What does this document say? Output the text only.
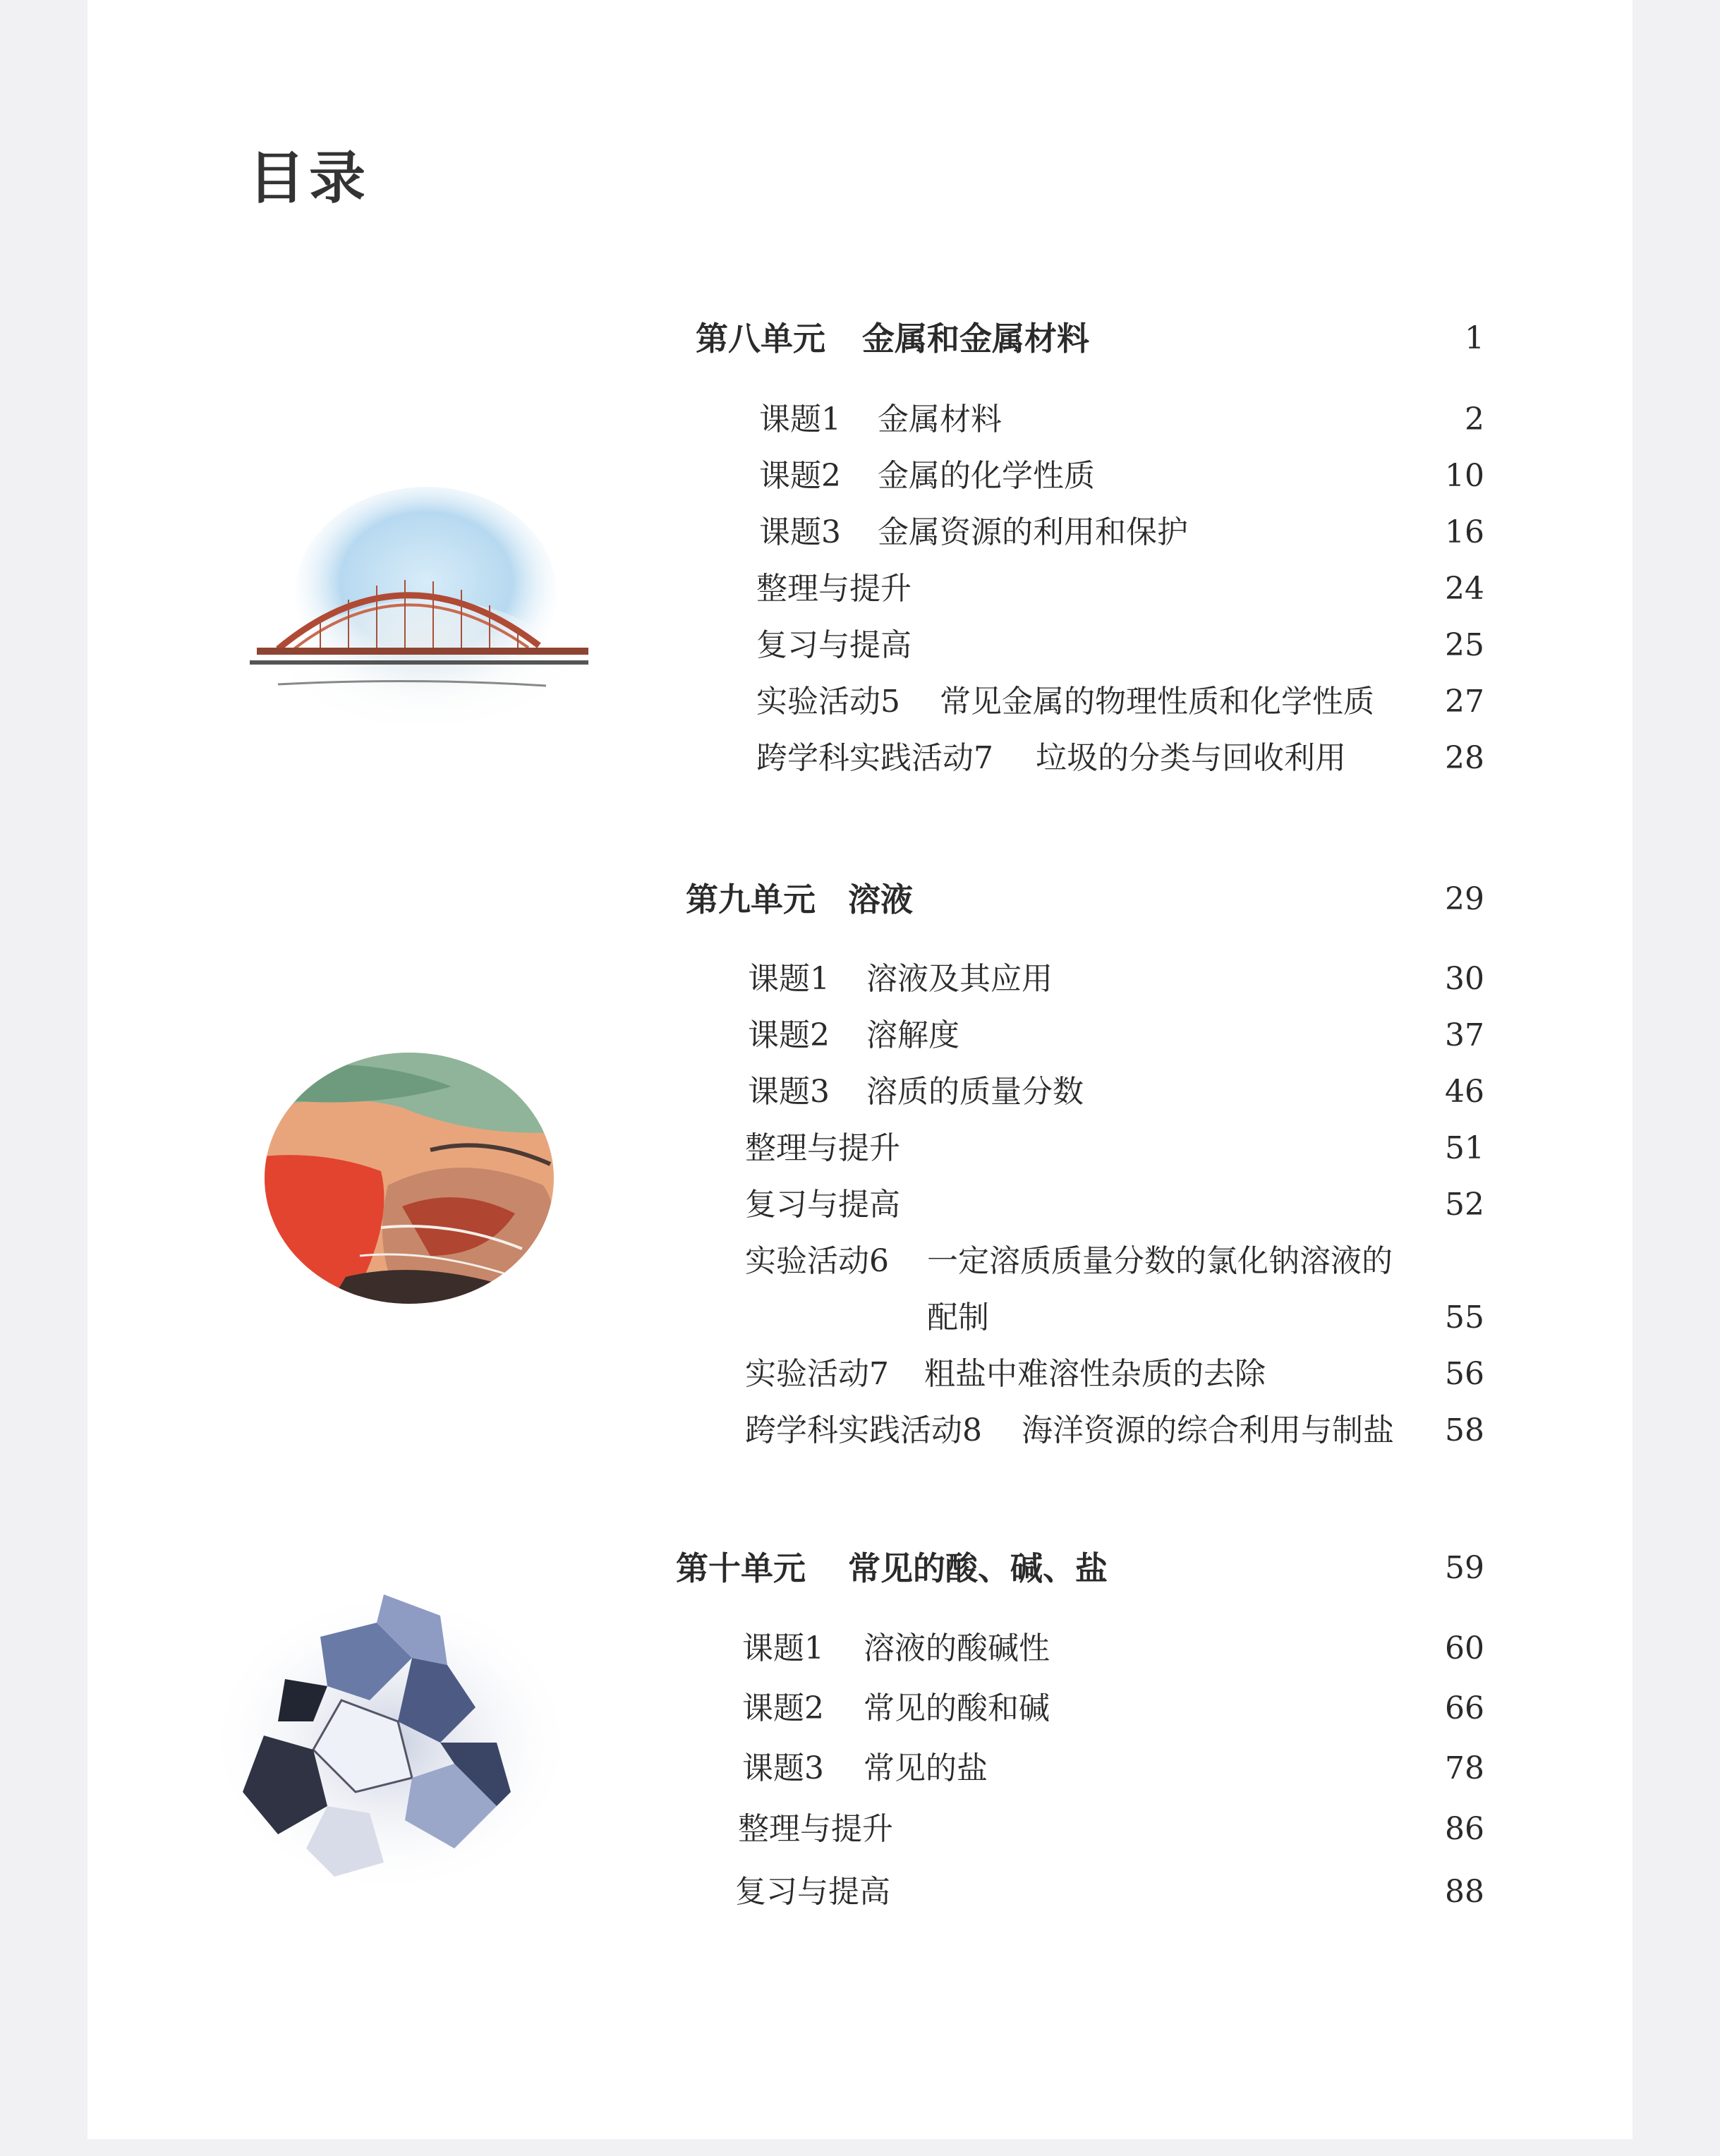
目录
第八单元 金属和金属材料	1
课题1 金属材料	2
课题2 金属的化学性质	10
课题3 金属资源的利用和保护	16
整理与提升	24
复习与提高	25
实验活动5 常见金属的物理性质和化学性质 27
跨学科实践活动7 垃圾的分类与回收利用	28
第九单元 溶液	29
课题1 溶液及其应用	30
课题2 溶解度	37
课题3 溶质的质量分数	46
整理与提升	51
复习与提高	52
实验活动6 一定溶质质量分数的氯化钠溶液的
配制	55
实验活动7 粗盐中难溶性杂质的去除	56
跨学科实践活动8 海洋资源的综合利用与制盐 58
第十单元 常见的酸、碱、盐	59
课题1 溶液的酸碱性	60
课题2 常见的酸和碱	66
课题3 常见的盐	78
整理与提升	86
复习与提高	88
